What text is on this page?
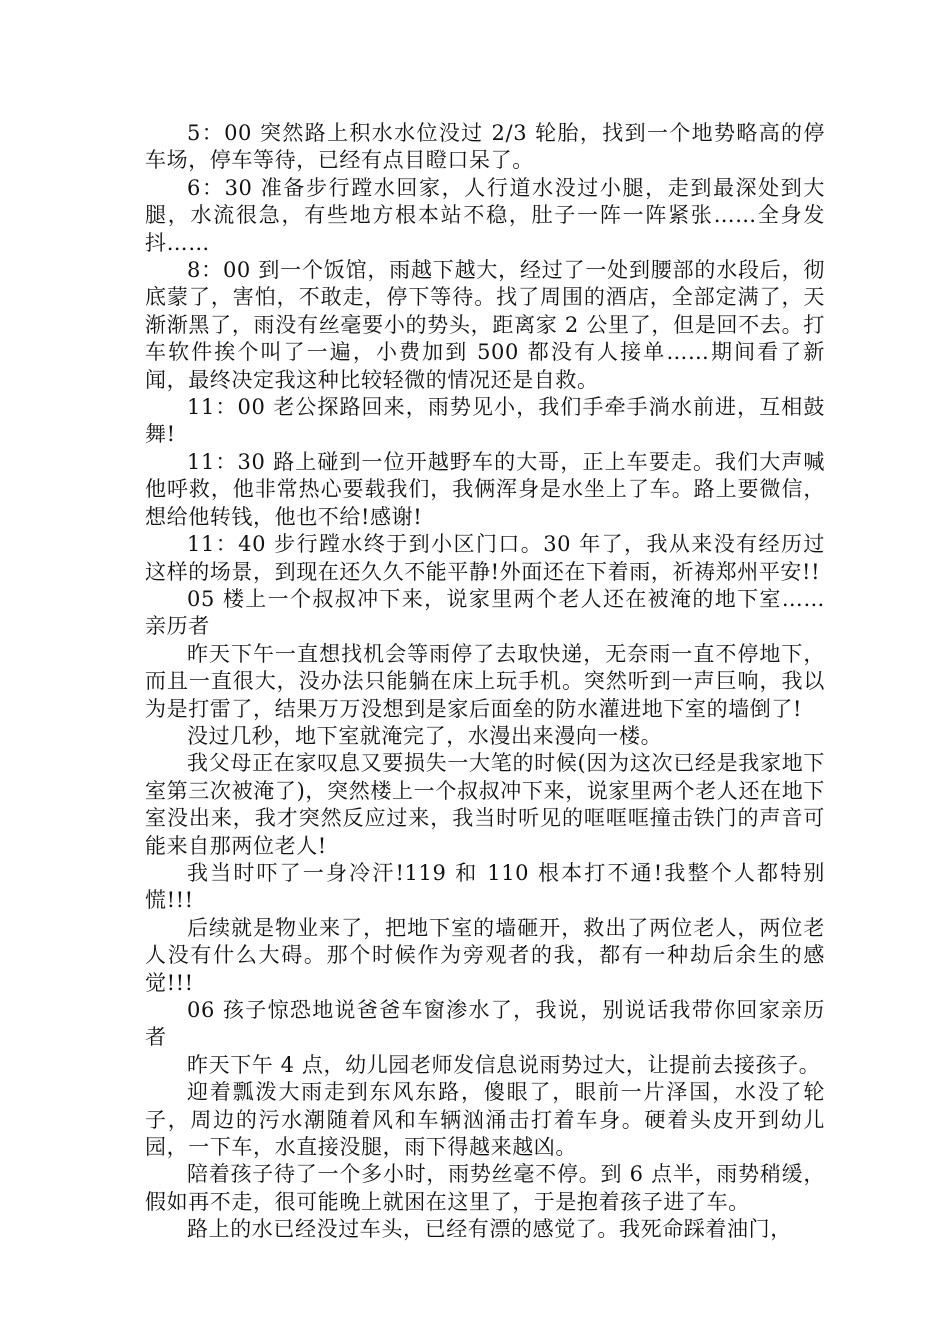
5：00 突然路上积水水位没过 2/3 轮胎，找到一个地势略高的停车场，停车等待，已经有点目瞪口呆了。

6：30 准备步行蹚水回家，人行道水没过小腿，走到最深处到大腿，水流很急，有些地方根本站不稳，肚子一阵一阵紧张……全身发抖……

8：00 到一个饭馆，雨越下越大，经过了一处到腰部的水段后，彻底蒙了，害怕，不敢走，停下等待。找了周围的酒店，全部定满了，天渐渐黑了，雨没有丝毫要小的势头，距离家 2 公里了，但是回不去。打车软件挨个叫了一遍，小费加到 500 都没有人接单……期间看了新闻，最终决定我这种比较轻微的情况还是自救。

11：00 老公探路回来，雨势见小，我们手牵手淌水前进，互相鼓舞!

11：30 路上碰到一位开越野车的大哥，正上车要走。我们大声喊他呼救，他非常热心要载我们，我俩浑身是水坐上了车。路上要微信，想给他转钱，他也不给!感谢!

11：40 步行蹚水终于到小区门口。30 年了，我从来没有经历过这样的场景，到现在还久久不能平静!外面还在下着雨，祈祷郑州平安!!

05 楼上一个叔叔冲下来，说家里两个老人还在被淹的地下室……亲历者

昨天下午一直想找机会等雨停了去取快递，无奈雨一直不停地下，而且一直很大，没办法只能躺在床上玩手机。突然听到一声巨响，我以为是打雷了，结果万万没想到是家后面垒的防水灌进地下室的墙倒了!

没过几秒，地下室就淹完了，水漫出来漫向一楼。

我父母正在家叹息又要损失一大笔的时候(因为这次已经是我家地下室第三次被淹了)，突然楼上一个叔叔冲下来，说家里两个老人还在地下室没出来，我才突然反应过来，我当时听见的哐哐哐撞击铁门的声音可能来自那两位老人!

我当时吓了一身冷汗!119 和 110 根本打不通!我整个人都特别慌!!!

后续就是物业来了，把地下室的墙砸开，救出了两位老人，两位老人没有什么大碍。那个时候作为旁观者的我，都有一种劫后余生的感觉!!!

06 孩子惊恐地说爸爸车窗渗水了，我说，别说话我带你回家亲历者

昨天下午 4 点，幼儿园老师发信息说雨势过大，让提前去接孩子。

迎着瓢泼大雨走到东风东路，傻眼了，眼前一片泽国，水没了轮子，周边的污水潮随着风和车辆汹涌击打着车身。硬着头皮开到幼儿园，一下车，水直接没腿，雨下得越来越凶。

陪着孩子待了一个多小时，雨势丝毫不停。到 6 点半，雨势稍缓，假如再不走，很可能晚上就困在这里了，于是抱着孩子进了车。

路上的水已经没过车头，已经有漂的感觉了。我死命踩着油门，
